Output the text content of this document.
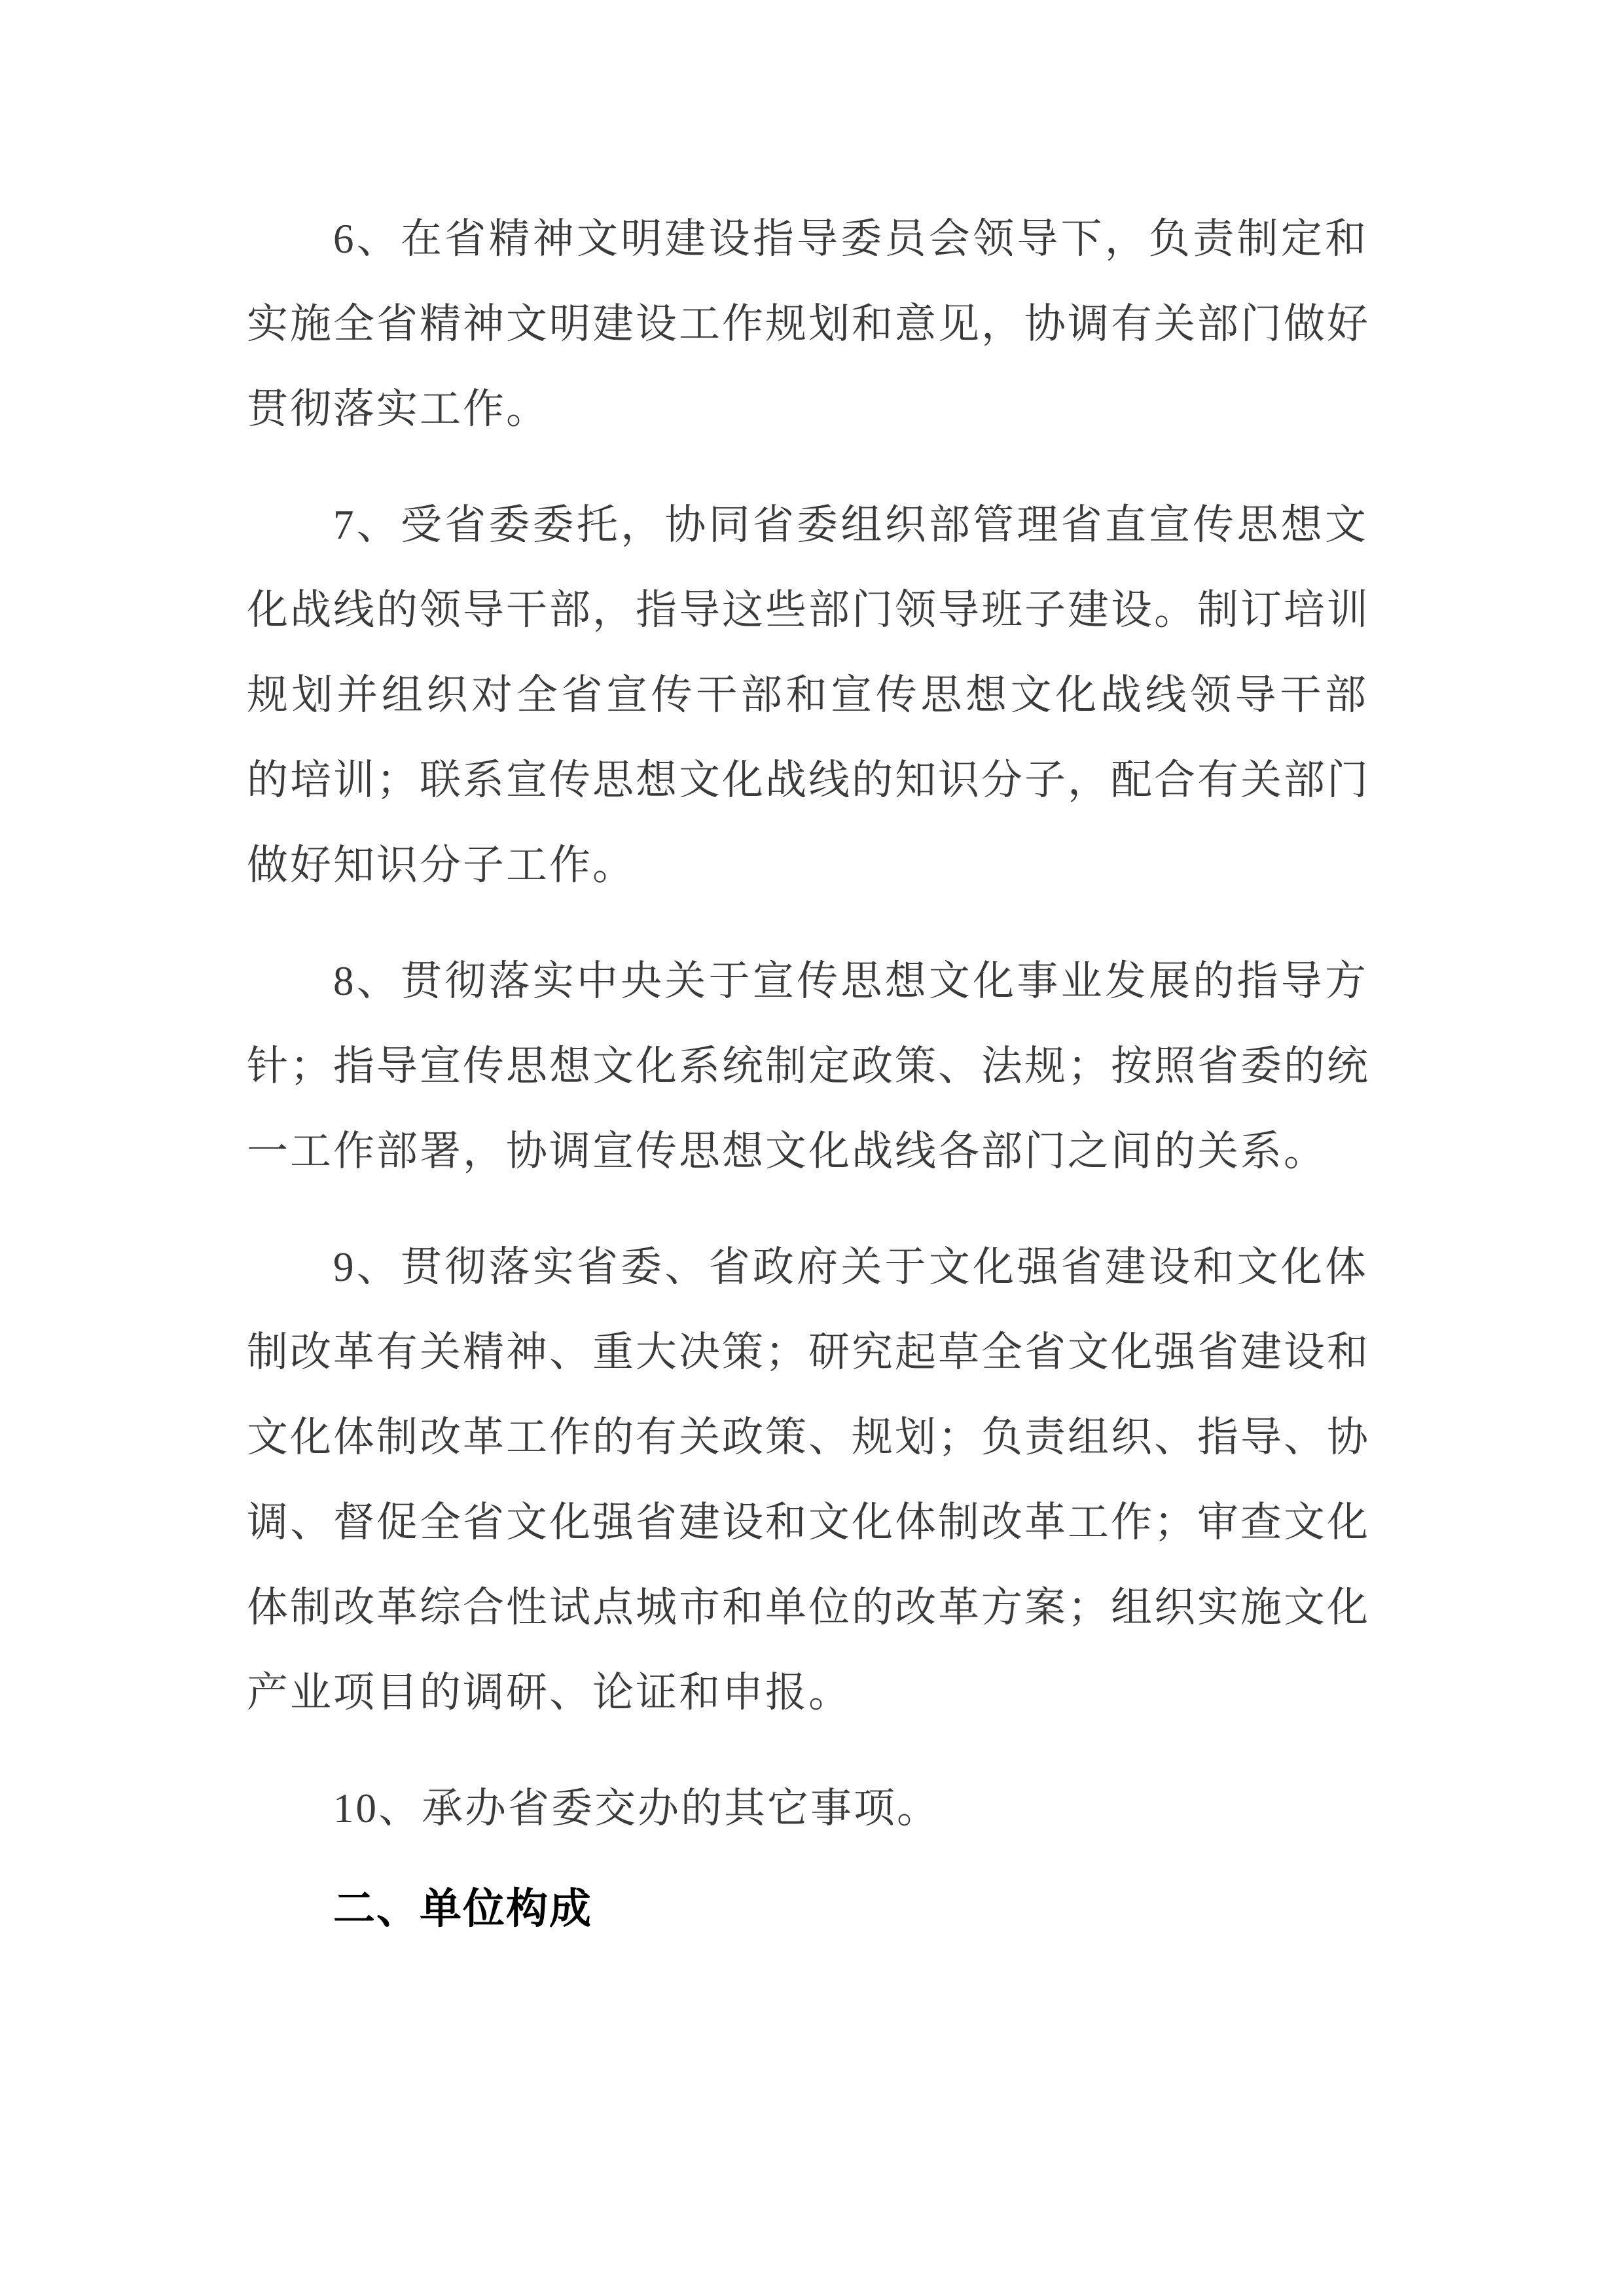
6、在省精神文明建设指导委员会领导下，负责制定和
实施全省精神文明建设工作规划和意见，协调有关部门做好
贯彻落实工作。

7、受省委委托，协同省委组织部管理省直宣传思想文
化战线的领导干部，指导这些部门领导班子建设。制订培训
规划并组织对全省宣传干部和宣传思想文化战线领导干部
的培训；联系宣传思想文化战线的知识分子，配合有关部门
做好知识分子工作。

8、贯彻落实中央关于宣传思想文化事业发展的指导方
针；指导宣传思想文化系统制定政策、法规；按照省委的统
一工作部署，协调宣传思想文化战线各部门之间的关系。

9、贯彻落实省委、省政府关于文化强省建设和文化体
制改革有关精神、重大决策；研究起草全省文化强省建设和
文化体制改革工作的有关政策、规划；负责组织、指导、协
调、督促全省文化强省建设和文化体制改革工作；审查文化
体制改革综合性试点城市和单位的改革方案；组织实施文化
产业项目的调研、论证和申报。

10、承办省委交办的其它事项。

二、单位构成
